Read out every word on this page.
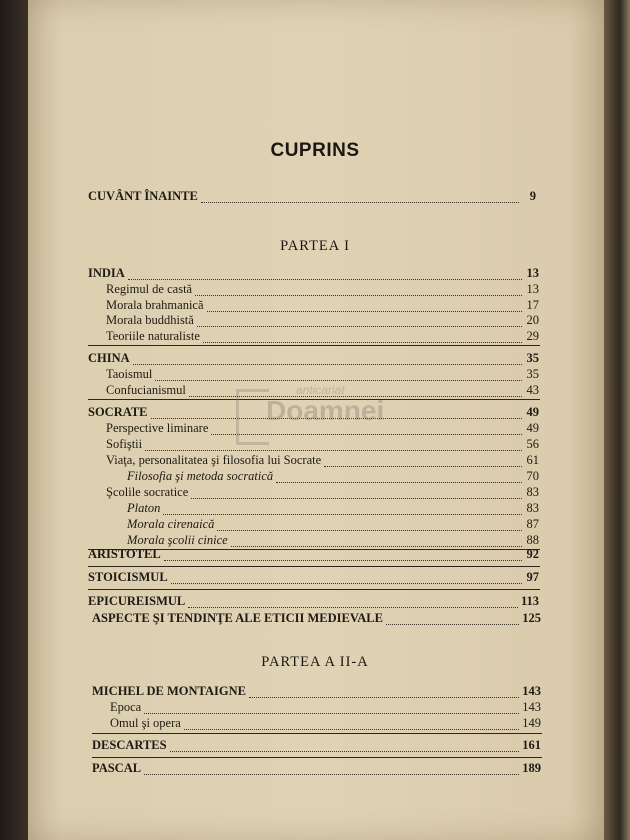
CUPRINS
CUVÂNT ÎNAINTE	9
PARTEA I
INDIA	13
Regimul de castă	13
Morala brahmanică	17
Morala buddhistă	20
Teoriile naturaliste	29
CHINA	35
Taoismul	35
Confucianismul	43
SOCRATE	49
Perspective liminare	49
Sofiştii	56
Viaţa, personalitatea şi filosofia lui Socrate	61
Filosofia şi metoda socratică	70
Şcolile socratice	83
Platon	83
Morala cirenaică	87
Morala şcolii cinice	88
ARISTOTEL	92
STOICISMUL	97
EPICUREISMUL	113
ASPECTE ŞI TENDINŢE ALE ETICII MEDIEVALE	125
PARTEA A II-A
MICHEL DE MONTAIGNE	143
Epoca	143
Omul şi opera	149
DESCARTES	161
PASCAL	189
anticariat
Doamnei
